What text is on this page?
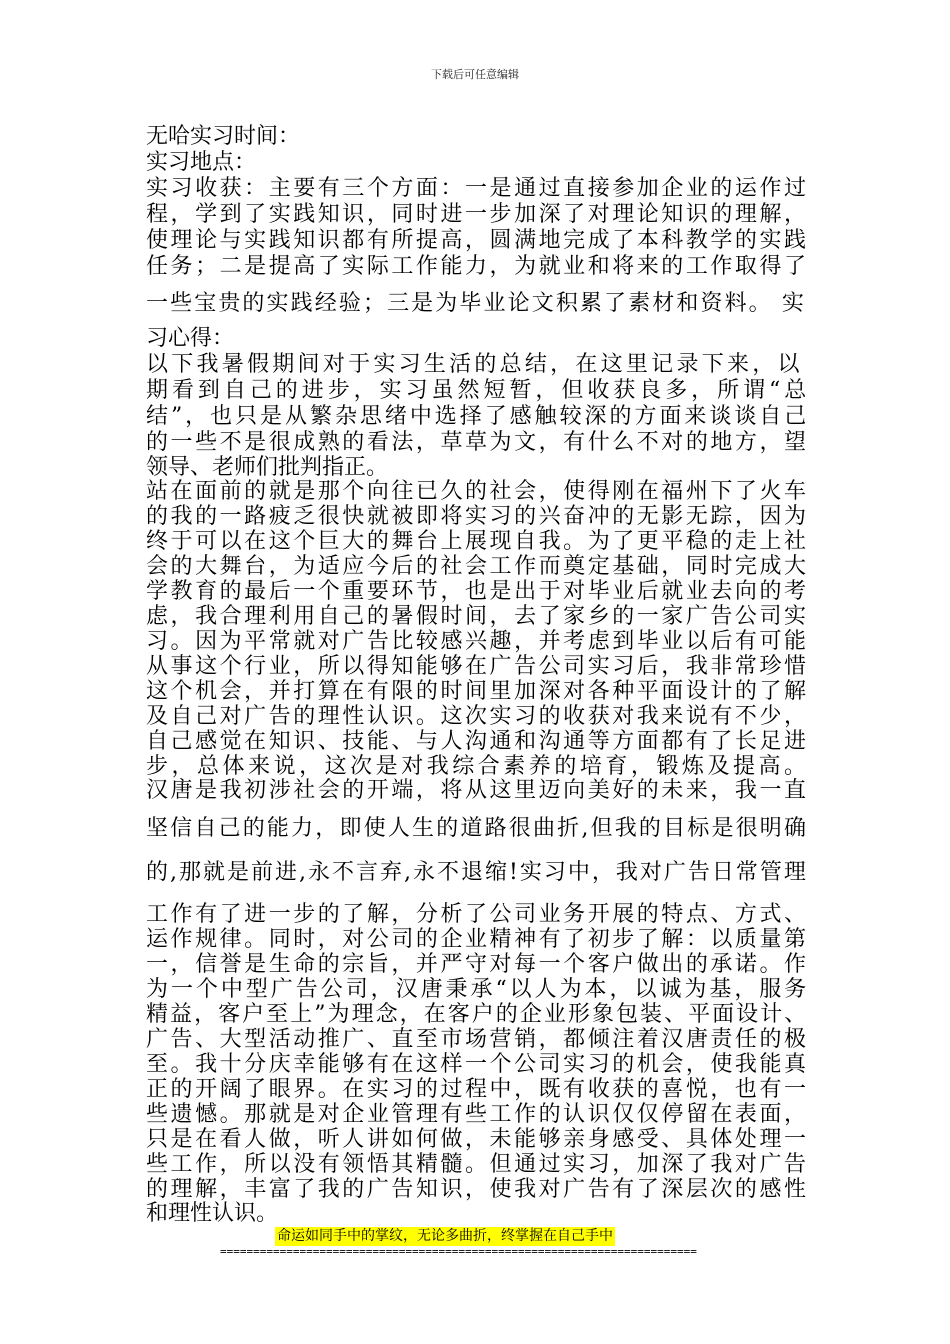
下载后可任意编辑
无哈实习时间：
实习地点：
实习收获：主要有三个方面：一是通过直接参加企业的运作过
程，学到了实践知识，同时进一步加深了对理论知识的理解，
使理论与实践知识都有所提高，圆满地完成了本科教学的实践
任务；二是提高了实际工作能力，为就业和将来的工作取得了
一些宝贵的实践经验；三是为毕业论文积累了素材和资料。 实
习心得：
以下我暑假期间对于实习生活的总结，在这里记录下来，以
期看到自己的进步，实习虽然短暂，但收获良多，所谓“总
结”，也只是从繁杂思绪中选择了感触较深的方面来谈谈自己
的一些不是很成熟的看法，草草为文，有什么不对的地方，望
领导、老师们批判指正。
站在面前的就是那个向往已久的社会，使得刚在福州下了火车
的我的一路疲乏很快就被即将实习的兴奋冲的无影无踪，因为
终于可以在这个巨大的舞台上展现自我。为了更平稳的走上社
会的大舞台，为适应今后的社会工作而奠定基础，同时完成大
学教育的最后一个重要环节，也是出于对毕业后就业去向的考
虑，我合理利用自己的暑假时间，去了家乡的一家广告公司实
习。因为平常就对广告比较感兴趣，并考虑到毕业以后有可能
从事这个行业，所以得知能够在广告公司实习后，我非常珍惜
这个机会，并打算在有限的时间里加深对各种平面设计的了解
及自己对广告的理性认识。这次实习的收获对我来说有不少，
自己感觉在知识、技能、与人沟通和沟通等方面都有了长足进
步，总体来说，这次是对我综合素养的培育，锻炼及提高。
汉唐是我初涉社会的开端，将从这里迈向美好的未来，我一直
坚信自己的能力，即使人生的道路很曲折,但我的目标是很明确
的,那就是前进,永不言弃,永不退缩!实习中，我对广告日常管理
工作有了进一步的了解，分析了公司业务开展的特点、方式、
运作规律。同时，对公司的企业精神有了初步了解：以质量第
一，信誉是生命的宗旨，并严守对每一个客户做出的承诺。作
为一个中型广告公司，汉唐秉承“以人为本，以诚为基，服务
精益，客户至上”为理念，在客户的企业形象包装、平面设计、
广告、大型活动推广、直至市场营销，都倾注着汉唐责任的极
至。我十分庆幸能够有在这样一个公司实习的机会，使我能真
正的开阔了眼界。在实习的过程中，既有收获的喜悦，也有一
些遗憾。那就是对企业管理有些工作的认识仅仅停留在表面，
只是在看人做，听人讲如何做，未能够亲身感受、具体处理一
些工作，所以没有领悟其精髓。但通过实习，加深了我对广告
的理解，丰富了我的广告知识，使我对广告有了深层次的感性
和理性认识。
命运如同手中的掌纹，无论多曲折，终掌握在自己手中
========================================================================
